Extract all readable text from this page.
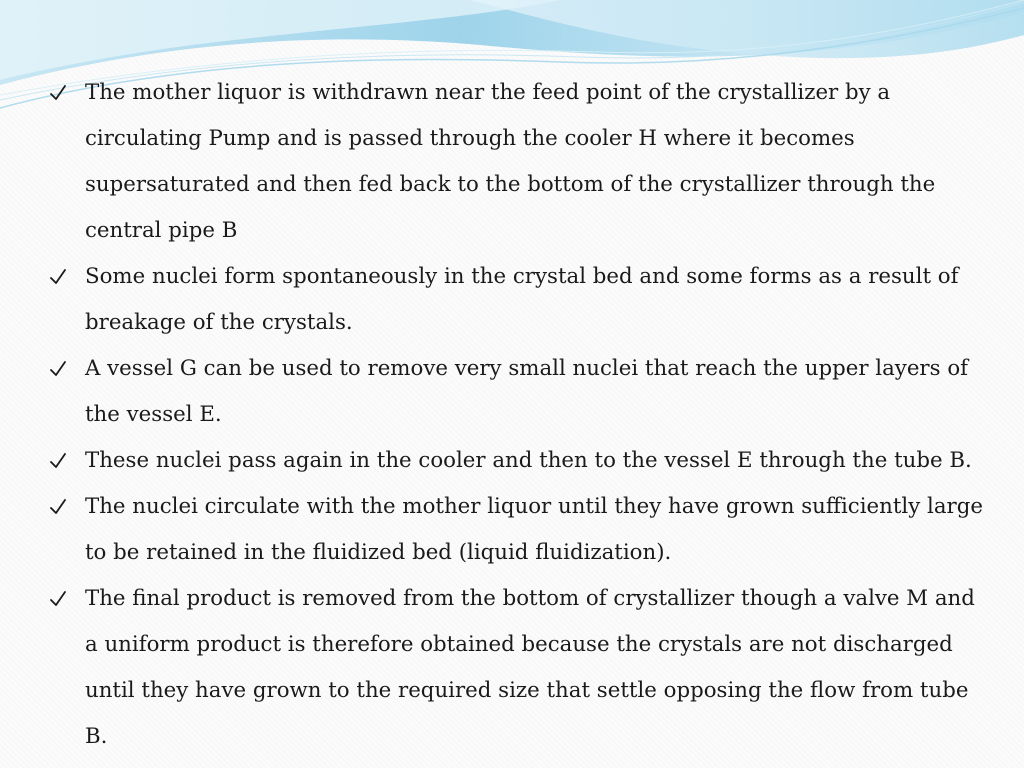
The mother liquor is withdrawn near the feed point of the crystallizer by a
circulating Pump and is passed through the cooler H where it becomes
supersaturated and then fed back to the bottom of the crystallizer through the
central pipe B
Some nuclei form spontaneously in the crystal bed and some forms as a result of
breakage of the crystals.
A vessel G can be used to remove very small nuclei that reach the upper layers of
the vessel E.
These nuclei pass again in the cooler and then to the vessel E through the tube B.
The nuclei circulate with the mother liquor until they have grown sufficiently large
to be retained in the fluidized bed (liquid fluidization).
The final product is removed from the bottom of crystallizer though a valve M and
a uniform product is therefore obtained because the crystals are not discharged
until they have grown to the required size that settle opposing the flow from tube
B.
